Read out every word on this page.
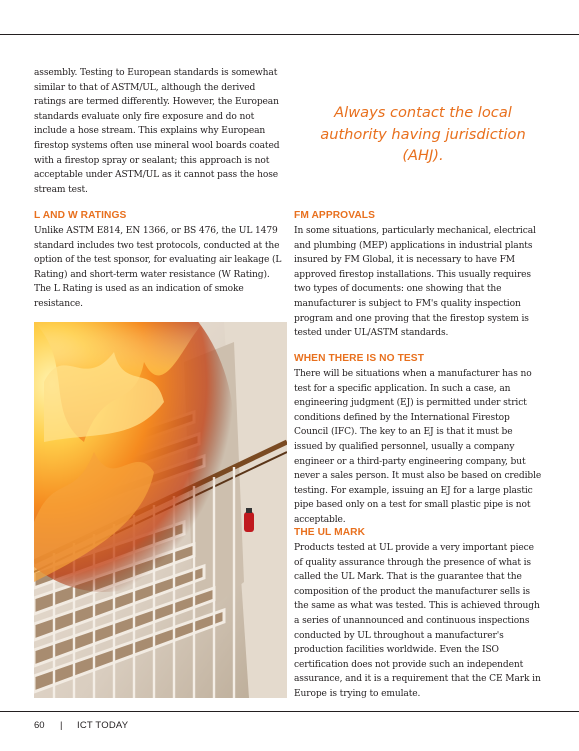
assembly. Testing to European standards is somewhat similar to that of ASTM/UL, although the derived ratings are termed differently. However, the European standards evaluate only fire exposure and do not include a hose stream. This explains why European firestop systems often use mineral wool boards coated with a firestop spray or sealant; this approach is not acceptable under ASTM/UL as it cannot pass the hose stream test.

Always contact the local authority having jurisdiction (AHJ).
L AND W RATINGS

Unlike ASTM E814, EN 1366, or BS 476, the UL 1479 standard includes two test protocols, conducted at the option of the test sponsor, for evaluating air leakage (L Rating) and short-term water resistance (W Rating). The L Rating is used as an indication of smoke resistance.

FM APPROVALS

In some situations, particularly mechanical, electrical and plumbing (MEP) applications in industrial plants insured by FM Global, it is necessary to have FM approved firestop installations. This usually requires two types of documents: one showing that the manufacturer is subject to FM's quality inspection program and one proving that the firestop system is tested under UL/ASTM standards.

WHEN THERE IS NO TEST

There will be situations when a manufacturer has no test for a specific application. In such a case, an engineering judgment (EJ) is permitted under strict conditions defined by the International Firestop Council (IFC). The key to an EJ is that it must be issued by qualified personnel, usually a company engineer or a third-party engineering company, but never a sales person. It must also be based on credible testing. For example, issuing an EJ for a large plastic pipe based only on a test for small plastic pipe is not acceptable.

THE UL MARK

Products tested at UL provide a very important piece of quality assurance through the presence of what is called the UL Mark. That is the guarantee that the composition of the product the manufacturer sells is the same as what was tested. This is achieved through a series of unannounced and continuous inspections conducted by UL throughout a manufacturer's production facilities worldwide. Even the ISO certification does not provide such an independent assurance, and it is a requirement that the CE Mark in Europe is trying to emulate.

60 | ICT TODAY
